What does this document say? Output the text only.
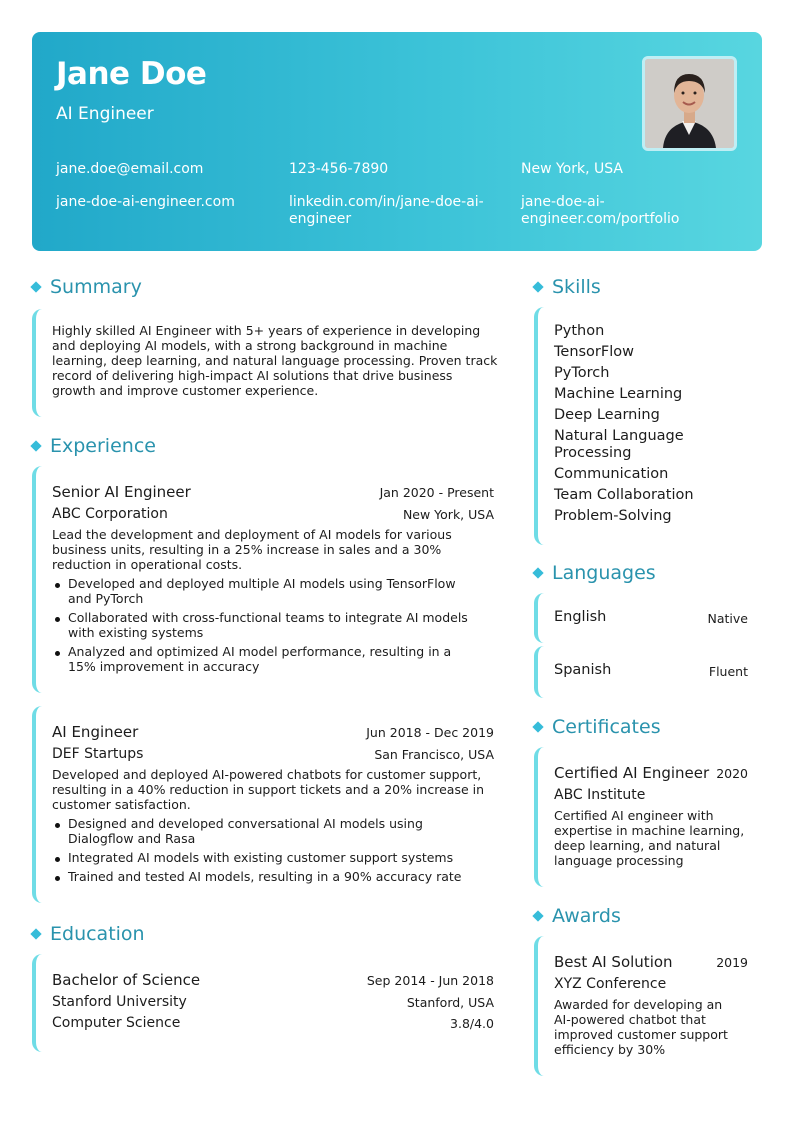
Jane Doe
AI Engineer
jane.doe@email.com	123-456-7890	New York, USA
jane-doe-ai-engineer.com	linkedin.com/in/jane-doe-ai-engineer
jane-doe-ai-engineer.com/portfolio
Summary
Highly skilled AI Engineer with 5+ years of experience in developing and deploying AI models, with a strong background in machine learning, deep learning, and natural language processing. Proven track record of delivering high-impact AI solutions that drive business growth and improve customer experience.
Experience
Senior AI Engineer	Jan 2020 - Present
ABC Corporation	New York, USA
Lead the development and deployment of AI models for various business units, resulting in a 25% increase in sales and a 30% reduction in operational costs.
Developed and deployed multiple AI models using TensorFlow and PyTorch
Collaborated with cross-functional teams to integrate AI models with existing systems
Analyzed and optimized AI model performance, resulting in a 15% improvement in accuracy
AI Engineer	Jun 2018 - Dec 2019
DEF Startups	San Francisco, USA
Developed and deployed AI-powered chatbots for customer support, resulting in a 40% reduction in support tickets and a 20% increase in customer satisfaction.
Designed and developed conversational AI models using Dialogflow and Rasa
Integrated AI models with existing customer support systems
Trained and tested AI models, resulting in a 90% accuracy rate
Education
Bachelor of Science	Sep 2014 - Jun 2018
Stanford University	Stanford, USA
Computer Science	3.8/4.0
Skills
Python
TensorFlow
PyTorch
Machine Learning
Deep Learning
Natural Language Processing
Communication
Team Collaboration
Problem-Solving
Languages
English	Native
Spanish	Fluent
Certificates
Certified AI Engineer 2020
ABC Institute
Certified AI engineer with expertise in machine learning, deep learning, and natural language processing
Awards
Best AI Solution	2019
XYZ Conference
Awarded for developing an AI-powered chatbot that improved customer support efficiency by 30%
